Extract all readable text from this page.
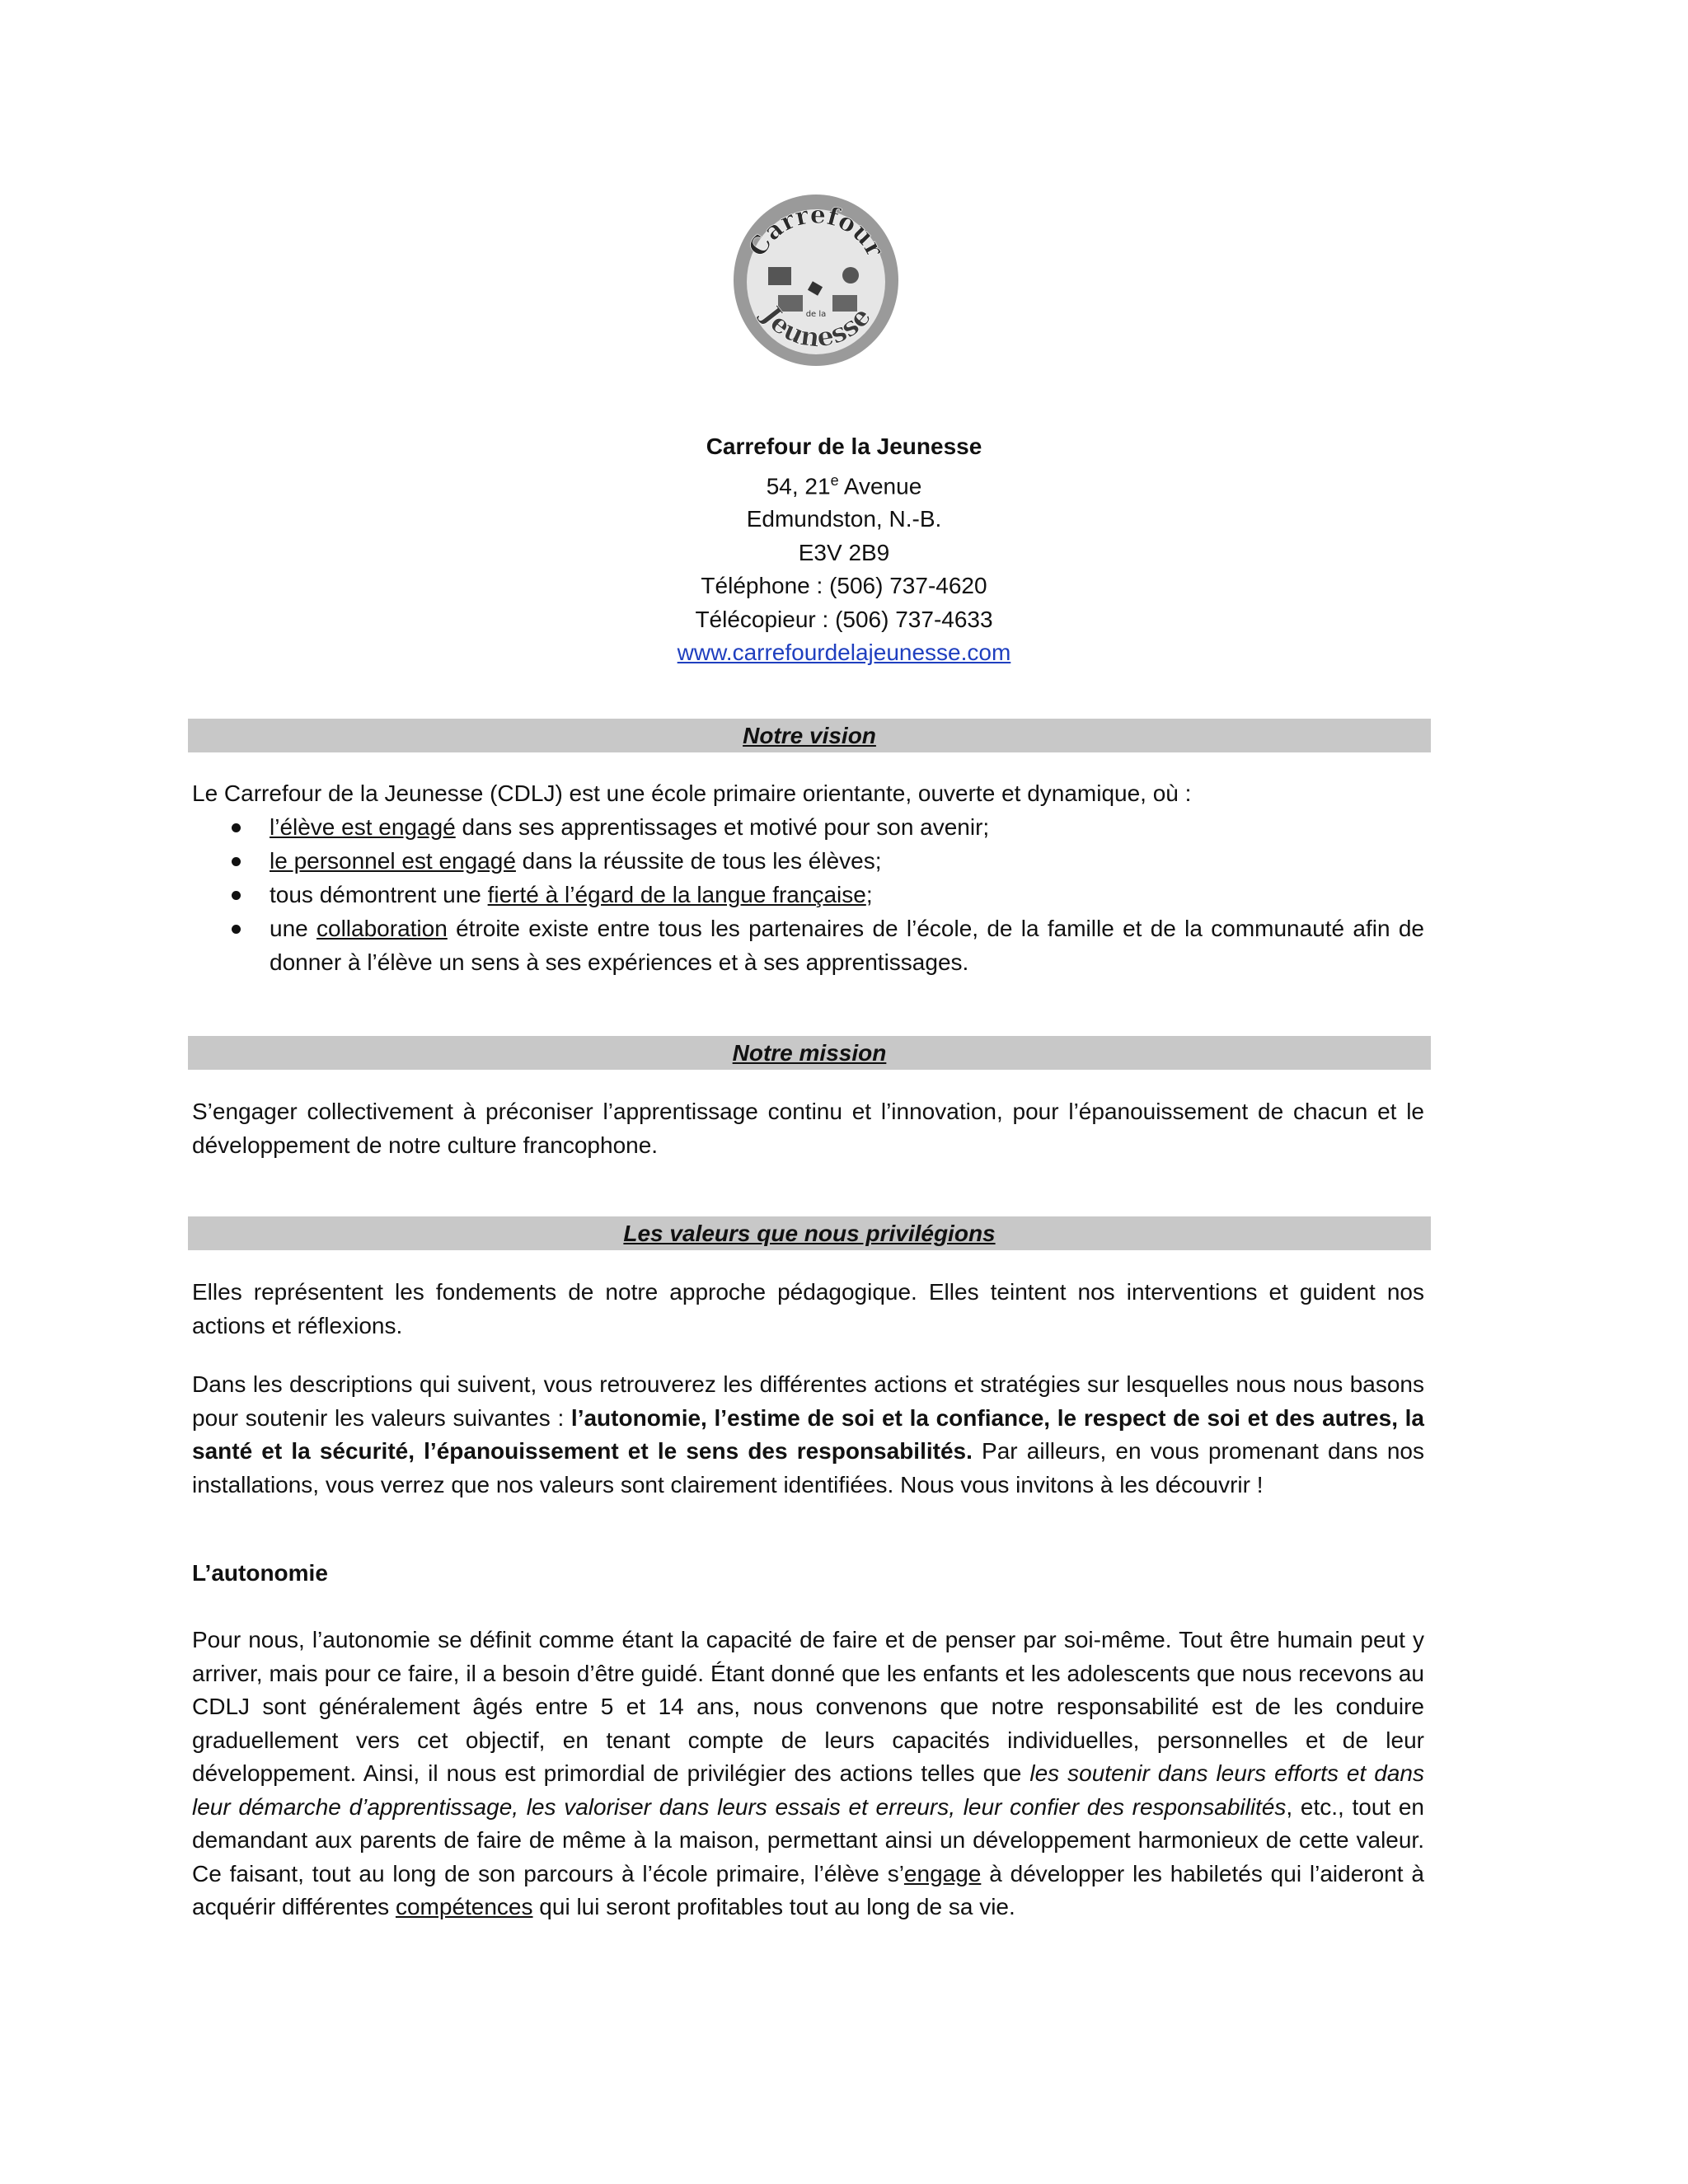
Carrefour
de la
Jeunesse
Carrefour de la Jeunesse
54, 21e Avenue
Edmundston, N.-B.
E3V 2B9
Téléphone : (506) 737-4620
Télécopieur : (506) 737-4633
www.carrefourdelajeunesse.com
Notre vision

Le Carrefour de la Jeunesse (CDLJ) est une école primaire orientante, ouverte et dynamique, où :

l’élève est engagé dans ses apprentissages et motivé pour son avenir;
le personnel est engagé dans la réussite de tous les élèves;
tous démontrent une fierté à l’égard de la langue française;
une collaboration étroite existe entre tous les partenaires de l’école, de la famille et de la communauté afin de donner à l’élève un sens à ses expériences et à ses apprentissages.
Notre mission

S’engager collectivement à préconiser l’apprentissage continu et l’innovation, pour l’épanouissement de chacun et le développement de notre culture francophone.

Les valeurs que nous privilégions

Elles représentent les fondements de notre approche pédagogique. Elles teintent nos interventions et guident nos actions et réflexions.

Dans les descriptions qui suivent, vous retrouverez les différentes actions et stratégies sur lesquelles nous nous basons pour soutenir les valeurs suivantes : l’autonomie, l’estime de soi et la confiance, le respect de soi et des autres, la santé et la sécurité, l’épanouissement et le sens des responsabilités. Par ailleurs, en vous promenant dans nos installations, vous verrez que nos valeurs sont clairement identifiées. Nous vous invitons à les découvrir !

L’autonomie

Pour nous, l’autonomie se définit comme étant la capacité de faire et de penser par soi-même. Tout être humain peut y arriver, mais pour ce faire, il a besoin d’être guidé. Étant donné que les enfants et les adolescents que nous recevons au CDLJ sont généralement âgés entre 5 et 14 ans, nous convenons que notre responsabilité est de les conduire graduellement vers cet objectif, en tenant compte de leurs capacités individuelles, personnelles et de leur développement. Ainsi, il nous est primordial de privilégier des actions telles que les soutenir dans leurs efforts et dans leur démarche d’apprentissage, les valoriser dans leurs essais et erreurs, leur confier des responsabilités, etc., tout en demandant aux parents de faire de même à la maison, permettant ainsi un développement harmonieux de cette valeur. Ce faisant, tout au long de son parcours à l’école primaire, l’élève s’engage à développer les habiletés qui l’aideront à acquérir différentes compétences qui lui seront profitables tout au long de sa vie.
